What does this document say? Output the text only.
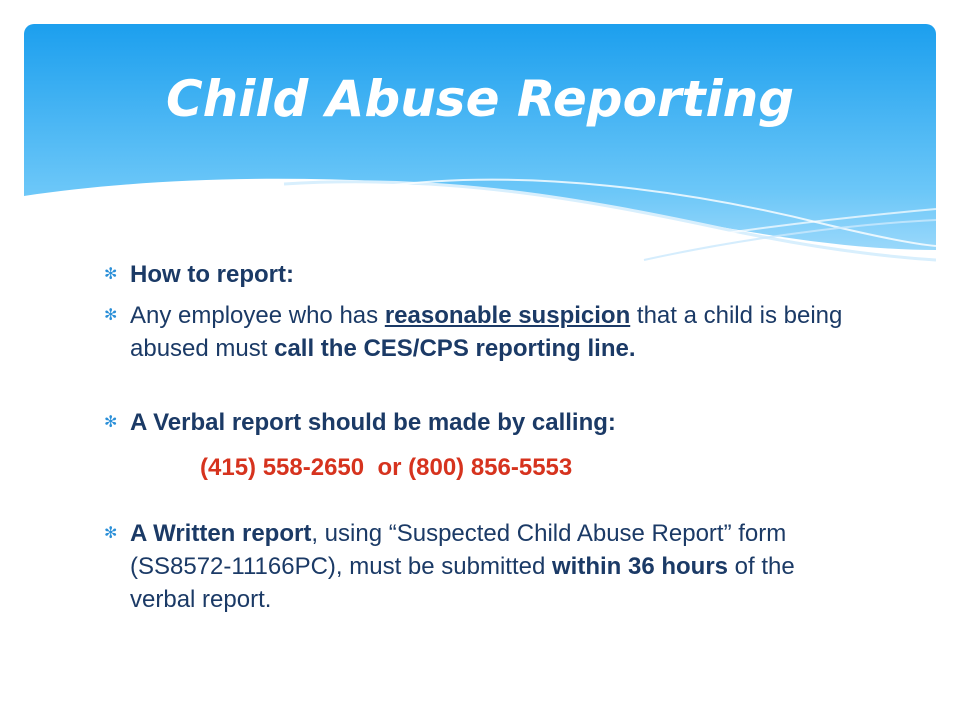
Child Abuse Reporting

✻ How to report:

✻ Any employee who has reasonable suspicion that a child is being abused must call the CES/CPS reporting line.

✻ A Verbal report should be made by calling:

(415) 558-2650  or (800) 856-5553

✻ A Written report, using “Suspected Child Abuse Report” form (SS8572-11166PC), must be submitted within 36 hours of the verbal report.
